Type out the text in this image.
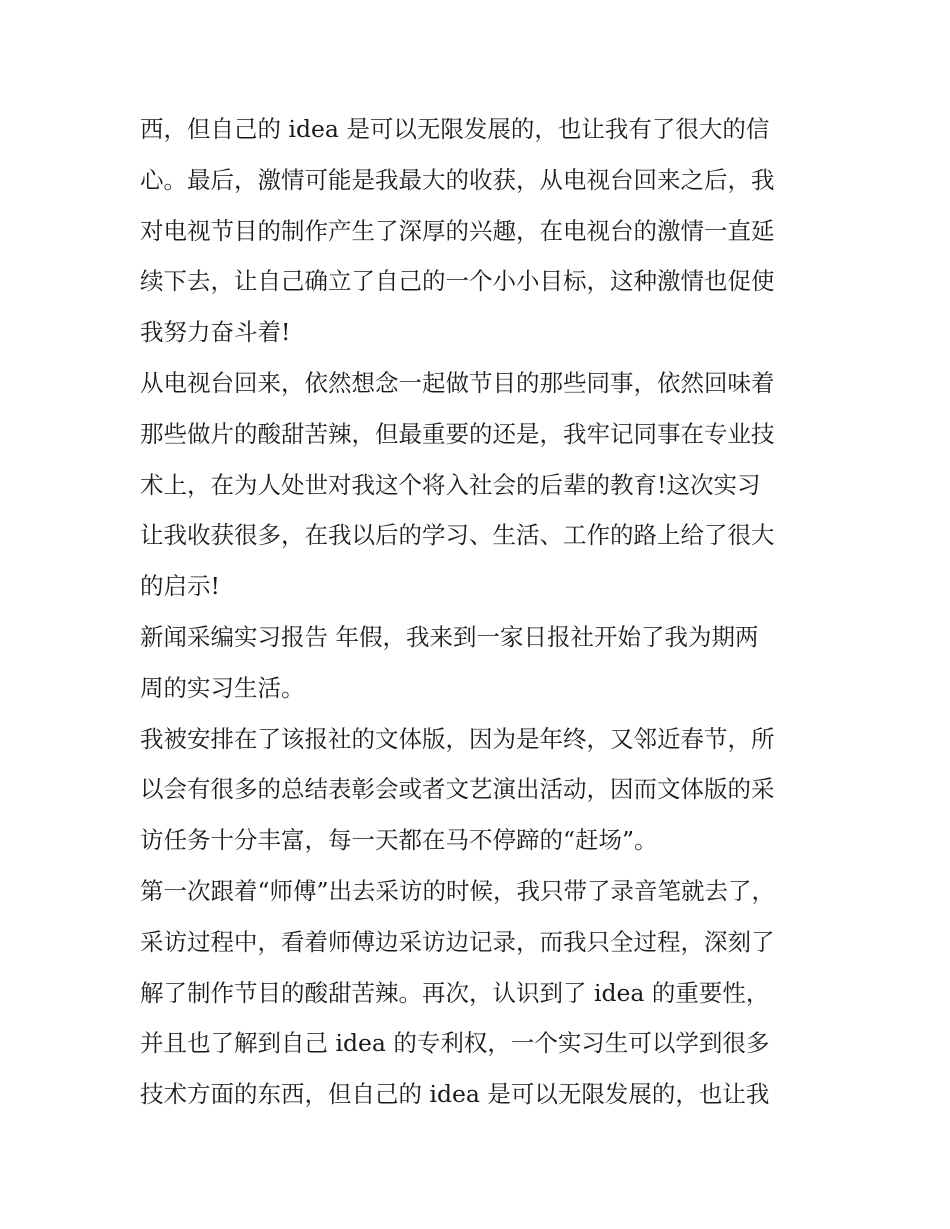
西，但自己的 idea 是可以无限发展的，也让我有了很大的信
心。最后，激情可能是我最大的收获，从电视台回来之后，我
对电视节目的制作产生了深厚的兴趣，在电视台的激情一直延
续下去，让自己确立了自己的一个小小目标，这种激情也促使
我努力奋斗着!
从电视台回来，依然想念一起做节目的那些同事，依然回味着
那些做片的酸甜苦辣，但最重要的还是，我牢记同事在专业技
术上，在为人处世对我这个将入社会的后辈的教育!这次实习
让我收获很多，在我以后的学习、生活、工作的路上给了很大
的启示!
新闻采编实习报告 年假，我来到一家日报社开始了我为期两
周的实习生活。
我被安排在了该报社的文体版，因为是年终，又邻近春节，所
以会有很多的总结表彰会或者文艺演出活动，因而文体版的采
访任务十分丰富，每一天都在马不停蹄的“赶场”。
第一次跟着“师傅”出去采访的时候，我只带了录音笔就去了，
采访过程中，看着师傅边采访边记录，而我只全过程，深刻了
解了制作节目的酸甜苦辣。再次，认识到了 idea 的重要性，
并且也了解到自己 idea 的专利权，一个实习生可以学到很多
技术方面的东西，但自己的 idea 是可以无限发展的，也让我
